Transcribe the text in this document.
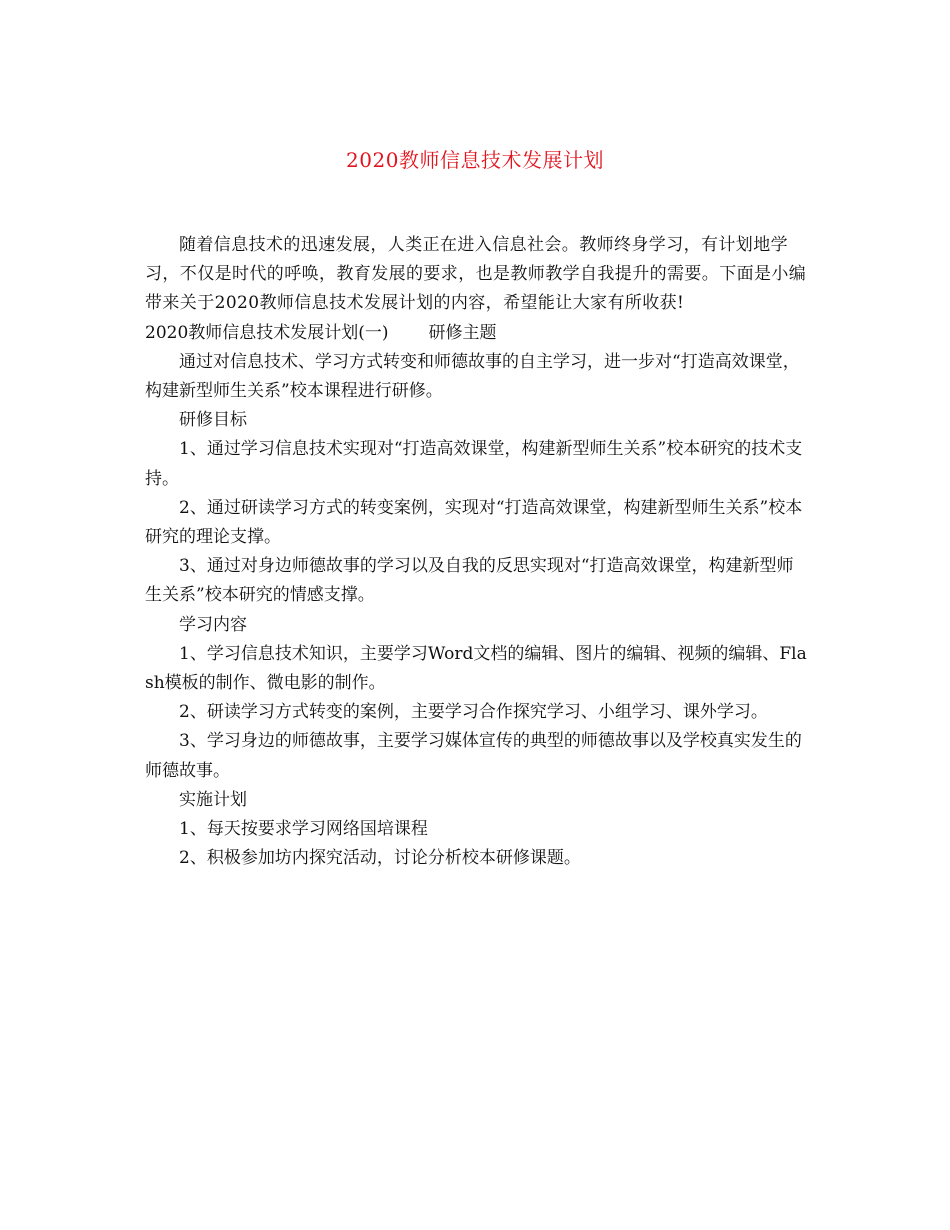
2020教师信息技术发展计划

随着信息技术的迅速发展，人类正在进入信息社会。教师终身学习，有计划地学习，不仅是时代的呼唤，教育发展的要求，也是教师教学自我提升的需要。下面是小编带来关于2020教师信息技术发展计划的内容，希望能让大家有所收获!

2020教师信息技术发展计划(一) 研修主题

通过对信息技术、学习方式转变和师德故事的自主学习，进一步对“打造高效课堂，构建新型师生关系”校本课程进行研修。

研修目标

1、通过学习信息技术实现对“打造高效课堂，构建新型师生关系”校本研究的技术支持。

2、通过研读学习方式的转变案例，实现对“打造高效课堂，构建新型师生关系”校本研究的理论支撑。

3、通过对身边师德故事的学习以及自我的反思实现对“打造高效课堂，构建新型师生关系”校本研究的情感支撑。

学习内容

1、学习信息技术知识，主要学习Word文档的编辑、图片的编辑、视频的编辑、Flash模板的制作、微电影的制作。

2、研读学习方式转变的案例，主要学习合作探究学习、小组学习、课外学习。

3、学习身边的师德故事，主要学习媒体宣传的典型的师德故事以及学校真实发生的师德故事。

实施计划

1、每天按要求学习网络国培课程

2、积极参加坊内探究活动，讨论分析校本研修课题。
